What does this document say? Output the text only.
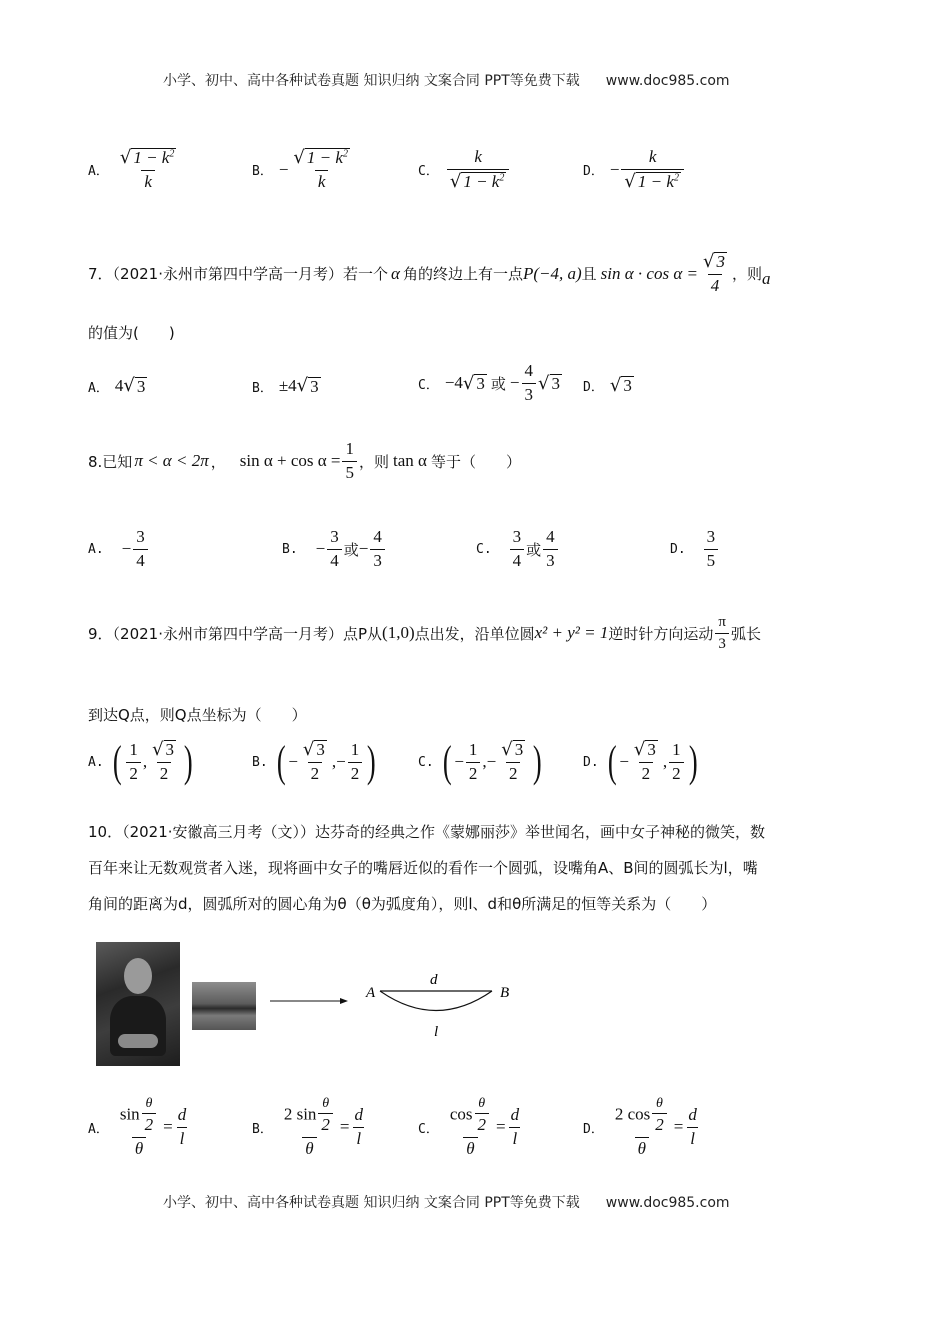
小学、初中、高中各种试卷真题 知识归纳 文案合同 PPT等免费下载 www.doc985.com
A． $\frac{√ 1 - k^2}{k}$	B． − $\frac{√ 1 - k^2}{k}$	C． $\frac{k}{√ 1 - k^2}$	D． − $\frac{k}{√ 1 - k^2}$
7．（2021·永州市第四中学高一月考）若一个 α 角的终边上有一点 P(−4, a) 且 $\sin \alpha \cdot \cos \alpha = \frac{√ 3}{4}$ ，则 a
的值为(　　)
A． 4 √ 3	B． ±4 √ 3	C． −4 √ 3 或 − $\frac{4}{3}$ √ 3 D． √ 3
8.已知 π < α < 2π ， $\sin \alpha + \cos \alpha = \frac{1}{5}$ ，则 tan α 等于（　　）
A. − $\frac{3}{4}$	B. − $\frac{3}{4}$ 或 − $\frac{4}{3}$	C. $\frac{3}{4}$ 或 $\frac{4}{3}$	D. $\frac{3}{5}$
9．（2021·永州市第四中学高一月考）点P从 (1,0) 点出发，沿单位圆 x² + y² = 1 逆时针方向运动 $\frac{\pi}{3}$ 弧长
到达Q点，则Q点坐标为（　　）
A. ( $\frac{1}{2}$ , $\frac{√ 3}{2}$ )	B. ( − $\frac{√ 3}{2}$ ,− $\frac{1}{2}$ )	C. ( − $\frac{1}{2}$ ,− $\frac{√ 3}{2}$ )	D. ( − $\frac{√ 3}{2}$ , $\frac{1}{2}$ )
10．（2021·安徽高三月考（文））达芬奇的经典之作《蒙娜丽莎》举世闻名，画中女子神秘的微笑，数
百年来让无数观赏者入迷，现将画中女子的嘴唇近似的看作一个圆弧，设嘴角A、B间的圆弧长为l，嘴
角间的距离为d，圆弧所对的圆心角为θ（θ为弧度角），则l、d和θ所满足的恒等关系为（　　）
A	B
d
l
A． $\frac{\sin \frac{\theta}{2}}{\theta} = \frac{d}{l}$	B． $\frac{2 \sin \frac{\theta}{2}}{\theta} = \frac{d}{l}$	C． $\frac{\cos \frac{\theta}{2}}{\theta} = \frac{d}{l}$	D． $\frac{2 \cos \frac{\theta}{2}}{\theta} = \frac{d}{l}$
小学、初中、高中各种试卷真题 知识归纳 文案合同 PPT等免费下载 www.doc985.com
